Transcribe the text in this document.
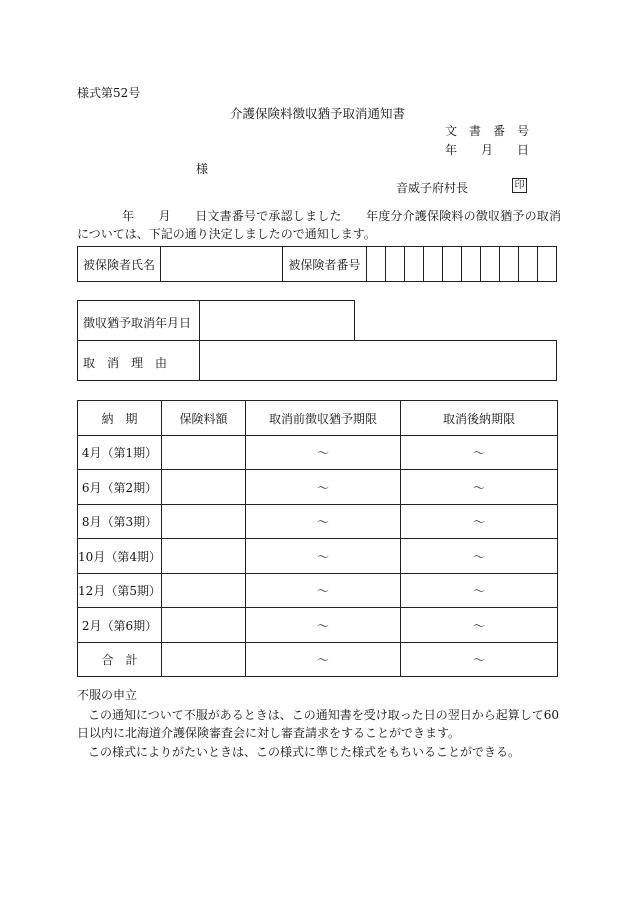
様式第52号
介護保険料徴収猶予取消通知書
文　書　番　号
年　　月　　日
様
音威子府村長	印
年　　月　　日文書番号で承認しました　　年度分介護保険料の徴収猶予の取消
については、下記の通り決定しましたので通知します。
被保険者氏名		被保険者番号										
徴収猶予取消年月日
取　消　理　由
納　期	保険料額	取消前徴収猶予期限	取消後納期限
4月（第1期）		〜	〜
6月（第2期）		〜	〜
8月（第3期）		〜	〜
10月（第4期）		〜	〜
12月（第5期）		〜	〜
2月（第6期）		〜	〜
合　計		〜	〜
不服の申立
この通知について不服があるときは、この通知書を受け取った日の翌日から起算して60
日以内に北海道介護保険審査会に対し審査請求をすることができます。
この様式によりがたいときは、この様式に準じた様式をもちいることができる。
